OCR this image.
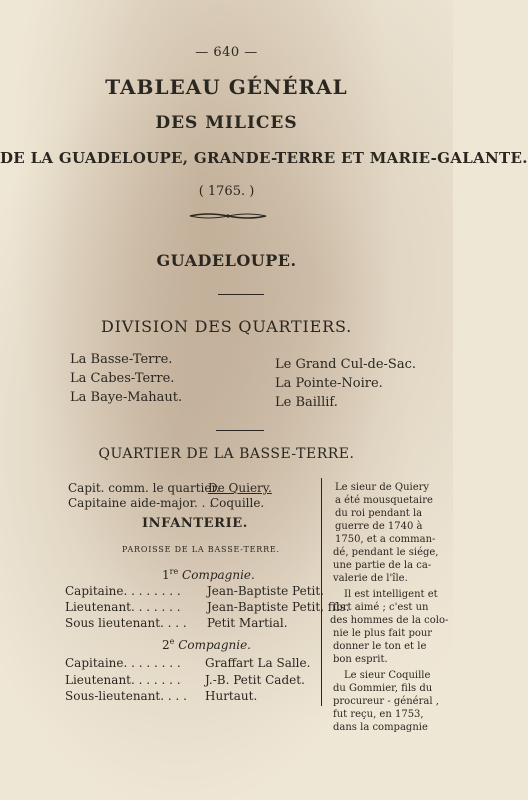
— 640 —
TABLEAU GÉNÉRAL
DES MILICES
DE LA GUADELOUPE, GRANDE-TERRE ET MARIE-GALANTE.
( 1765. )
GUADELOUPE.
DIVISION DES QUARTIERS.
La Basse-Terre.
La Cabes-Terre.
La Baye-Mahaut.
Le Grand Cul-de-Sac.
La Pointe-Noire.
Le Baillif.
QUARTIER DE LA BASSE-TERRE.
Capit. comm. le quartier.
De Quiery.
Capitaine aide-major. . .
Coquille.
INFANTERIE.
PAROISSE DE LA BASSE-TERRE.
1re Compagnie.
Capitaine. . . . . . . . Jean-Baptiste Petit.
Lieutenant. . . . . . . Jean-Baptiste Petit, fils.
Sous lieutenant. . . . Petit Martial.
2e Compagnie.
Capitaine. . . . . . . . Graffart La Salle.
Lieutenant. . . . . . . J.-B. Petit Cadet.
Sous-lieutenant. . . . Hurtaut.
Le sieur de Quiery
a été mousquetaire
du roi pendant la
guerre de 1740 à
1750, et a comman-
dé, pendant le siége,
une partie de la ca-
valerie de l'île.
Il est intelligent et
fort aimé ; c'est un
des hommes de la colo-
nie le plus fait pour
donner le ton et le
bon esprit.
Le sieur Coquille
du Gommier, fils du
procureur - général ,
fut reçu, en 1753,
dans la compagnie
